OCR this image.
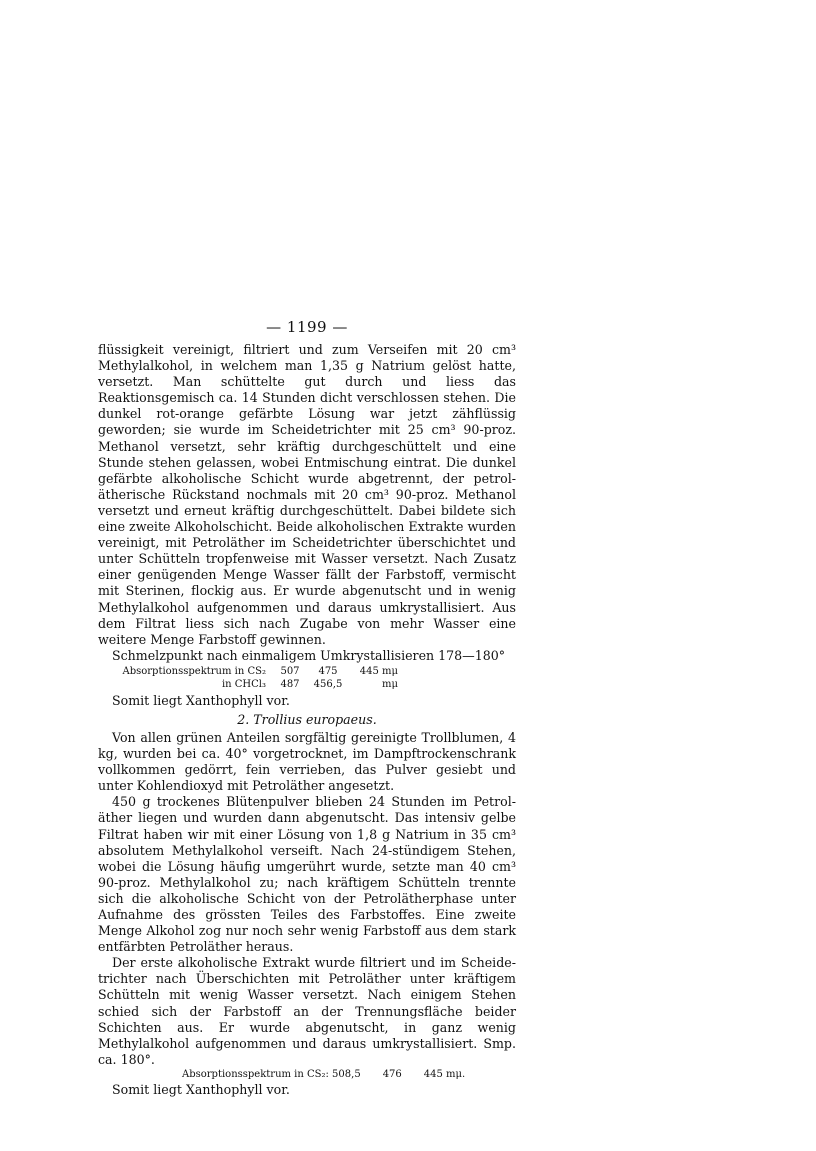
— 1199 —

flüssigkeit vereinigt, filtriert und zum Verseifen mit 20 cm³ Methylalkohol, in welchem man 1,35 g Natrium gelöst hatte, versetzt. Man schüttelte gut durch und liess das Reaktionsgemisch ca. 14 Stunden dicht verschlossen stehen. Die dunkel rot-orange gefärbte Lösung war jetzt zähflüssig geworden; sie wurde im Scheidetrichter mit 25 cm³ 90-proz. Methanol versetzt, sehr kräftig durchgeschüttelt und eine Stunde stehen gelassen, wobei Entmischung eintrat. Die dunkel gefärbte alkoholische Schicht wurde abgetrennt, der petrolätherische Rückstand nochmals mit 20 cm³ 90-proz. Methanol versetzt und erneut kräftig durchgeschüttelt. Dabei bildete sich eine zweite Alkoholschicht. Beide alkoholischen Extrakte wurden vereinigt, mit Petroläther im Scheidetrichter überschichtet und unter Schütteln tropfenweise mit Wasser versetzt. Nach Zusatz einer genügenden Menge Wasser fällt der Farbstoff, vermischt mit Sterinen, flockig aus. Er wurde abgenutscht und in wenig Methylalkohol aufgenommen und daraus umkrystallisiert. Aus dem Filtrat liess sich nach Zugabe von mehr Wasser eine weitere Menge Farbstoff gewinnen.

Schmelzpunkt nach einmaligem Umkrystallisieren 178—180°
Absorptionsspektrum in CS₂	507	475	445 mμ
in CHCl₃	487	456,5	mμ

Somit liegt Xanthophyll vor.

2. Trollius europaeus.

Von allen grünen Anteilen sorgfältig gereinigte Trollblumen, 4 kg, wurden bei ca. 40° vorgetrocknet, im Dampftrockenschrank vollkommen gedörrt, fein verrieben, das Pulver gesiebt und unter Kohlendioxyd mit Petroläther angesetzt.

450 g trockenes Blütenpulver blieben 24 Stunden im Petroläther liegen und wurden dann abgenutscht. Das intensiv gelbe Filtrat haben wir mit einer Lösung von 1,8 g Natrium in 35 cm³ absolutem Methylalkohol verseift. Nach 24-stündigem Stehen, wobei die Lösung häufig umgerührt wurde, setzte man 40 cm³ 90-proz. Methylalkohol zu; nach kräftigem Schütteln trennte sich die alkoholische Schicht von der Petrolätherphase unter Aufnahme des grössten Teiles des Farbstoffes. Eine zweite Menge Alkohol zog nur noch sehr wenig Farbstoff aus dem stark entfärbten Petroläther heraus.

Der erste alkoholische Extrakt wurde filtriert und im Scheidetrichter nach Überschichten mit Petroläther unter kräftigem Schütteln mit wenig Wasser versetzt. Nach einigem Stehen schied sich der Farbstoff an der Trennungsfläche beider Schichten aus. Er wurde abgenutscht, in ganz wenig Methylalkohol aufgenommen und daraus umkrystallisiert. Smp. ca. 180°.

Absorptionsspektrum in CS₂: 508,5 476 445 mμ.

Somit liegt Xanthophyll vor.
